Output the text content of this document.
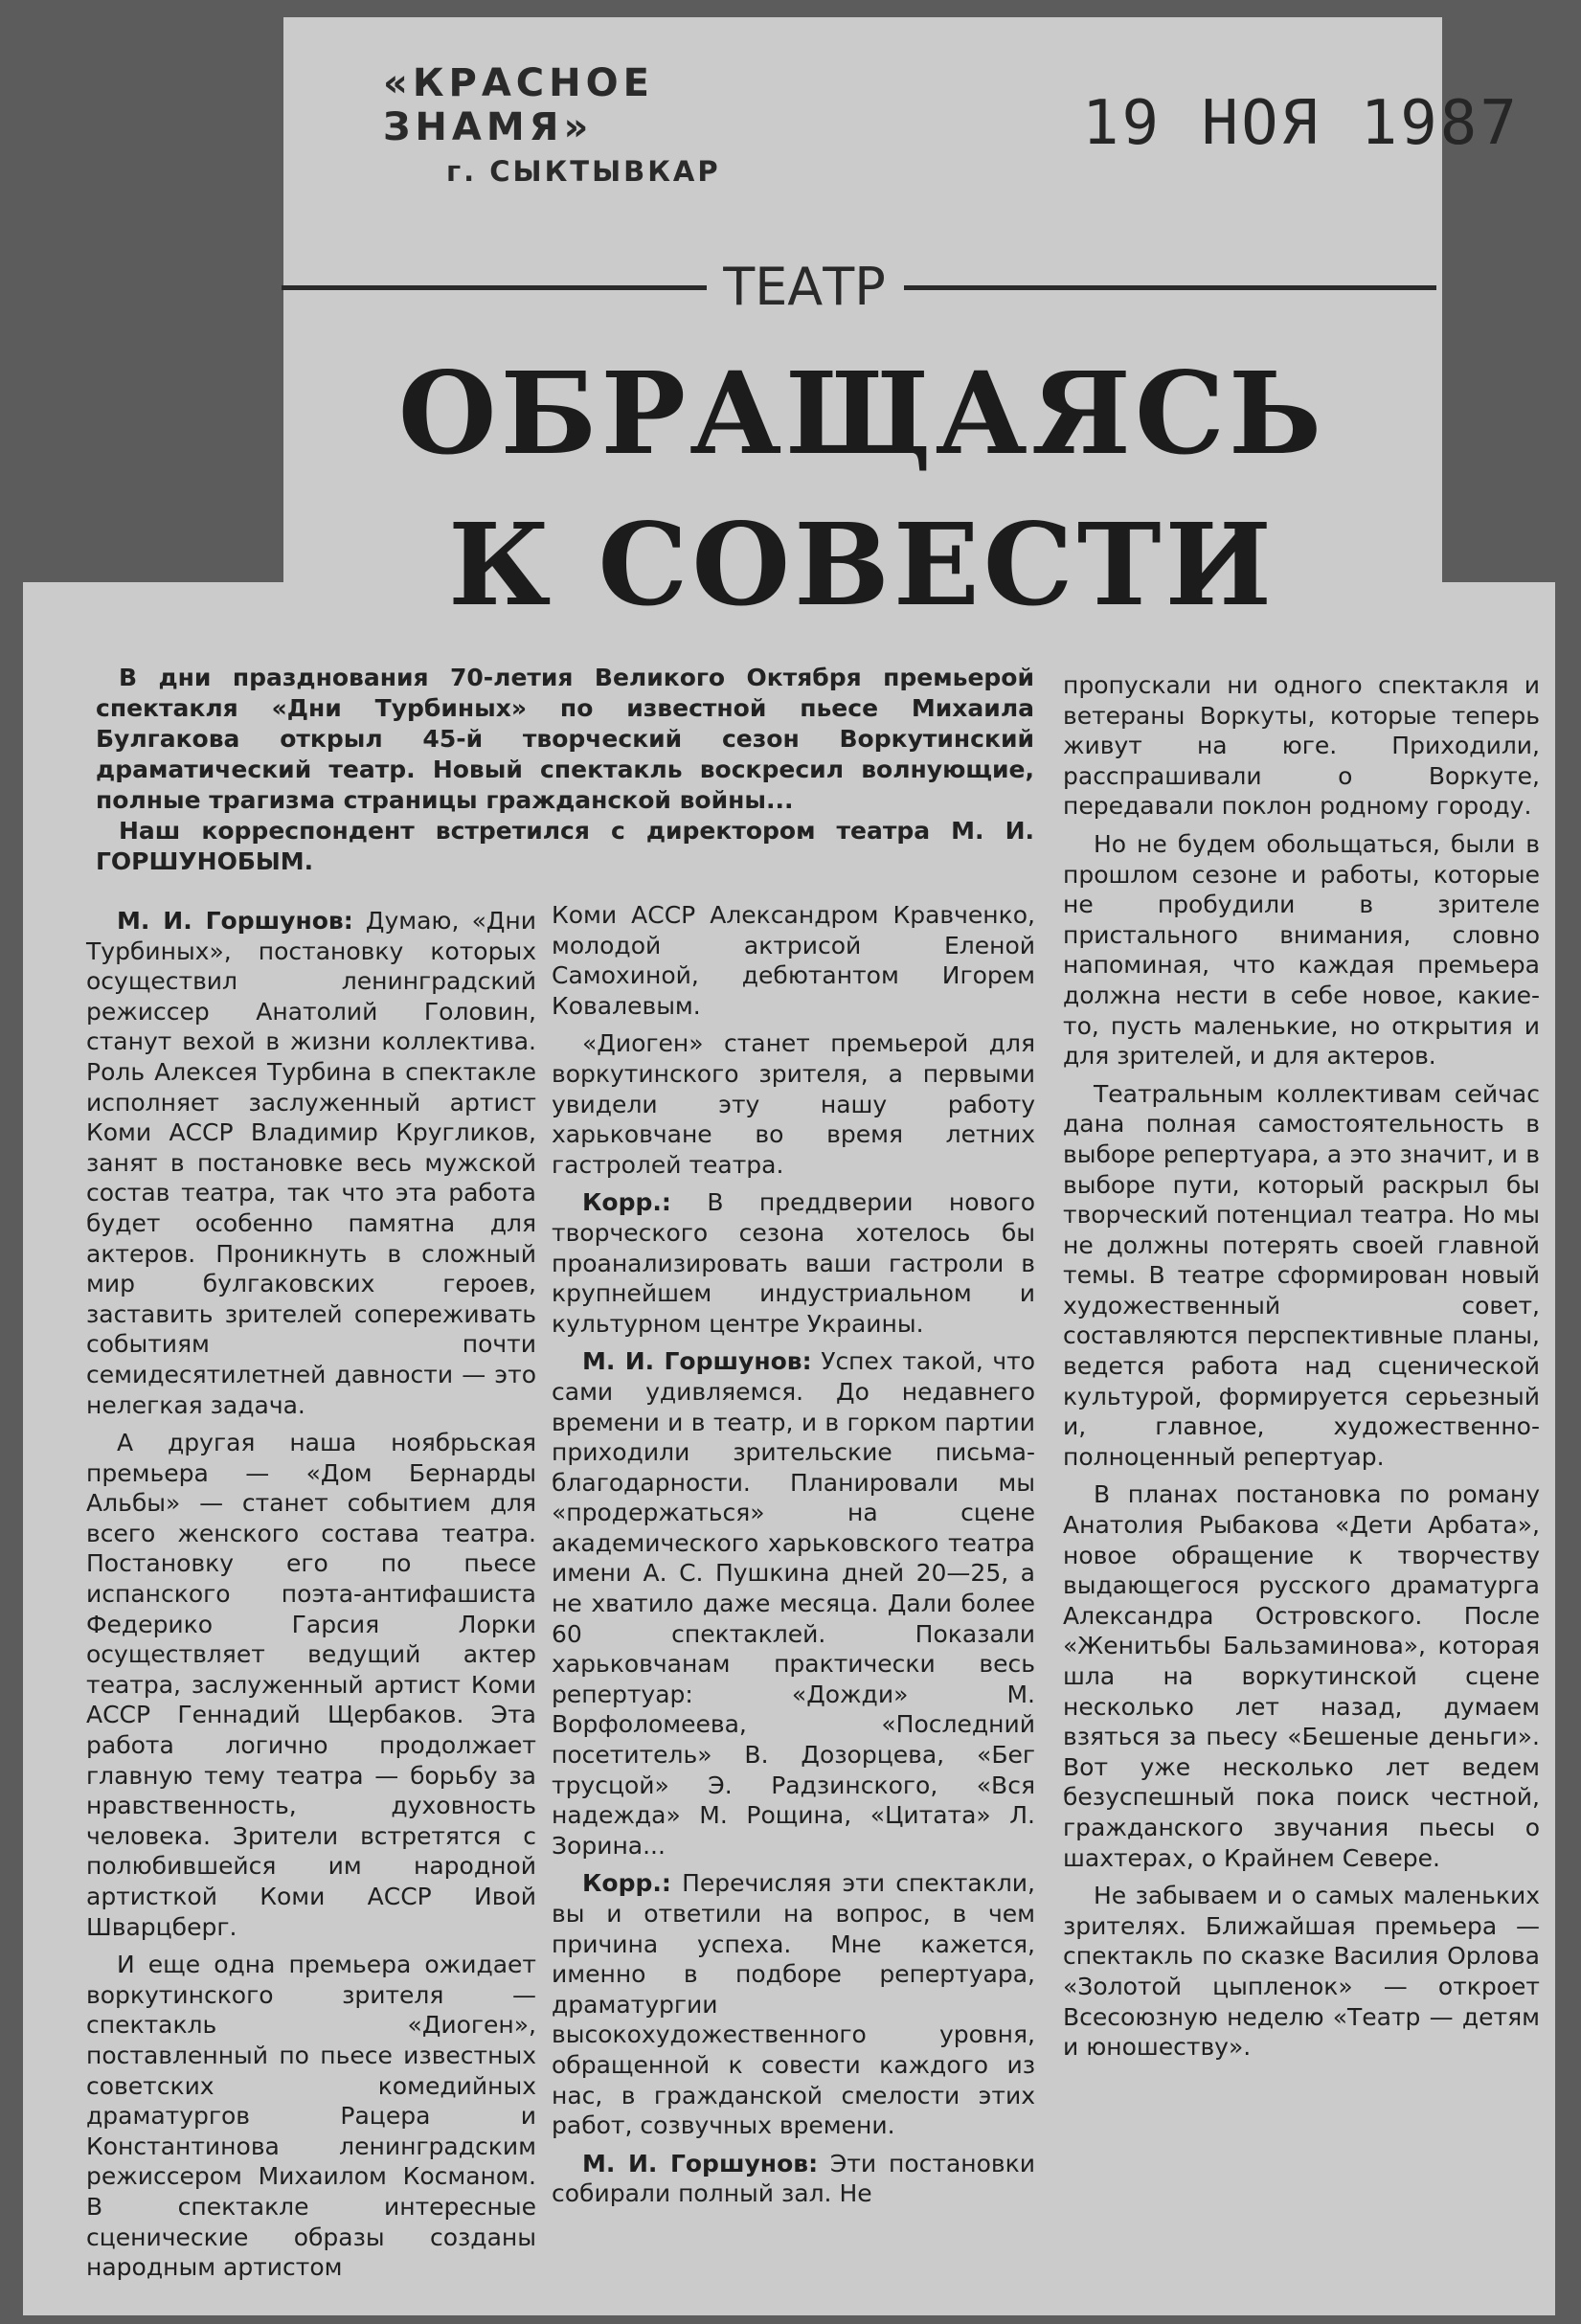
«КРАСНОЕ ЗНАМЯ»
г. СЫКТЫВКАР
19 НОЯ 1987
ТЕАТР
ОБРАЩАЯСЬ
К СОВЕСТИ

В дни празднования 70-летия Великого Октября премьерой спектакля «Дни Турбиных» по известной пьесе Михаила Булгакова открыл 45-й творческий сезон Воркутинский драматический театр. Новый спектакль воскресил волнующие, полные трагизма страницы гражданской войны...

Наш корреспондент встретился с директором театра М. И. ГОРШУНОБЫМ.

М. И. Горшунов: Думаю, «Дни Турбиных», постановку которых осуществил ленинградский режиссер Анатолий Головин, станут вехой в жизни коллектива. Роль Алексея Турбина в спектакле исполняет заслуженный артист Коми АССР Владимир Кругликов, занят в постановке весь мужской состав театра, так что эта работа будет особенно памятна для актеров. Проникнуть в сложный мир булгаковских героев, заставить зрителей сопереживать событиям почти семидесятилетней давности — это нелегкая задача.

А другая наша ноябрьская премьера — «Дом Бернарды Альбы» — станет событием для всего женского состава театра. Постановку его по пьесе испанского поэта-антифашиста Федерико Гарсия Лорки осуществляет ведущий актер театра, заслуженный артист Коми АССР Геннадий Щербаков. Эта работа логично продолжает главную тему театра — борьбу за нравственность, духовность человека. Зрители встретятся с полюбившейся им народной артисткой Коми АССР Ивой Шварцберг.

И еще одна премьера ожидает воркутинского зрителя — спектакль «Диоген», поставленный по пьесе известных советских комедийных драматургов Рацера и Константинова ленинградским режиссером Михаилом Косманом. В спектакле интересные сценические образы созданы народным артистом

Коми АССР Александром Кравченко, молодой актрисой Еленой Самохиной, дебютантом Игорем Ковалевым.

«Диоген» станет премьерой для воркутинского зрителя, а первыми увидели эту нашу работу харьковчане во время летних гастролей театра.

Корр.: В преддверии нового творческого сезона хотелось бы проанализировать ваши гастроли в крупнейшем индустриальном и культурном центре Украины.

М. И. Горшунов: Успех такой, что сами удивляемся. До недавнего времени и в театр, и в горком партии приходили зрительские письма-благодарности. Планировали мы «продержаться» на сцене академического харьковского театра имени А. С. Пушкина дней 20—25, а не хватило даже месяца. Дали более 60 спектаклей. Показали харьковчанам практически весь репертуар: «Дожди» М. Ворфоломеева, «Последний посетитель» В. Дозорцева, «Бег трусцой» Э. Радзинского, «Вся надежда» М. Рощина, «Цитата» Л. Зорина...

Корр.: Перечисляя эти спектакли, вы и ответили на вопрос, в чем причина успеха. Мне кажется, именно в подборе репертуара, драматургии высокохудожественного уровня, обращенной к совести каждого из нас, в гражданской смелости этих работ, созвучных времени.

М. И. Горшунов: Эти постановки собирали полный зал. Не

пропускали ни одного спектакля и ветераны Воркуты, которые теперь живут на юге. Приходили, расспрашивали о Воркуте, передавали поклон родному городу.

Но не будем обольщаться, были в прошлом сезоне и работы, которые не пробудили в зрителе пристального внимания, словно напоминая, что каждая премьера должна нести в себе новое, какие-то, пусть маленькие, но открытия и для зрителей, и для актеров.

Театральным коллективам сейчас дана полная самостоятельность в выборе репертуара, а это значит, и в выборе пути, который раскрыл бы творческий потенциал театра. Но мы не должны потерять своей главной темы. В театре сформирован новый художественный совет, составляются перспективные планы, ведется работа над сценической культурой, формируется серьезный и, главное, художественно-полноценный репертуар.

В планах постановка по роману Анатолия Рыбакова «Дети Арбата», новое обращение к творчеству выдающегося русского драматурга Александра Островского. После «Женитьбы Бальзаминова», которая шла на воркутинской сцене несколько лет назад, думаем взяться за пьесу «Бешеные деньги». Вот уже несколько лет ведем безуспешный пока поиск честной, гражданского звучания пьесы о шахтерах, о Крайнем Севере.

Не забываем и о самых маленьких зрителях. Ближайшая премьера — спектакль по сказке Василия Орлова «Золотой цыпленок» — откроет Всесоюзную неделю «Театр — детям и юношеству».
